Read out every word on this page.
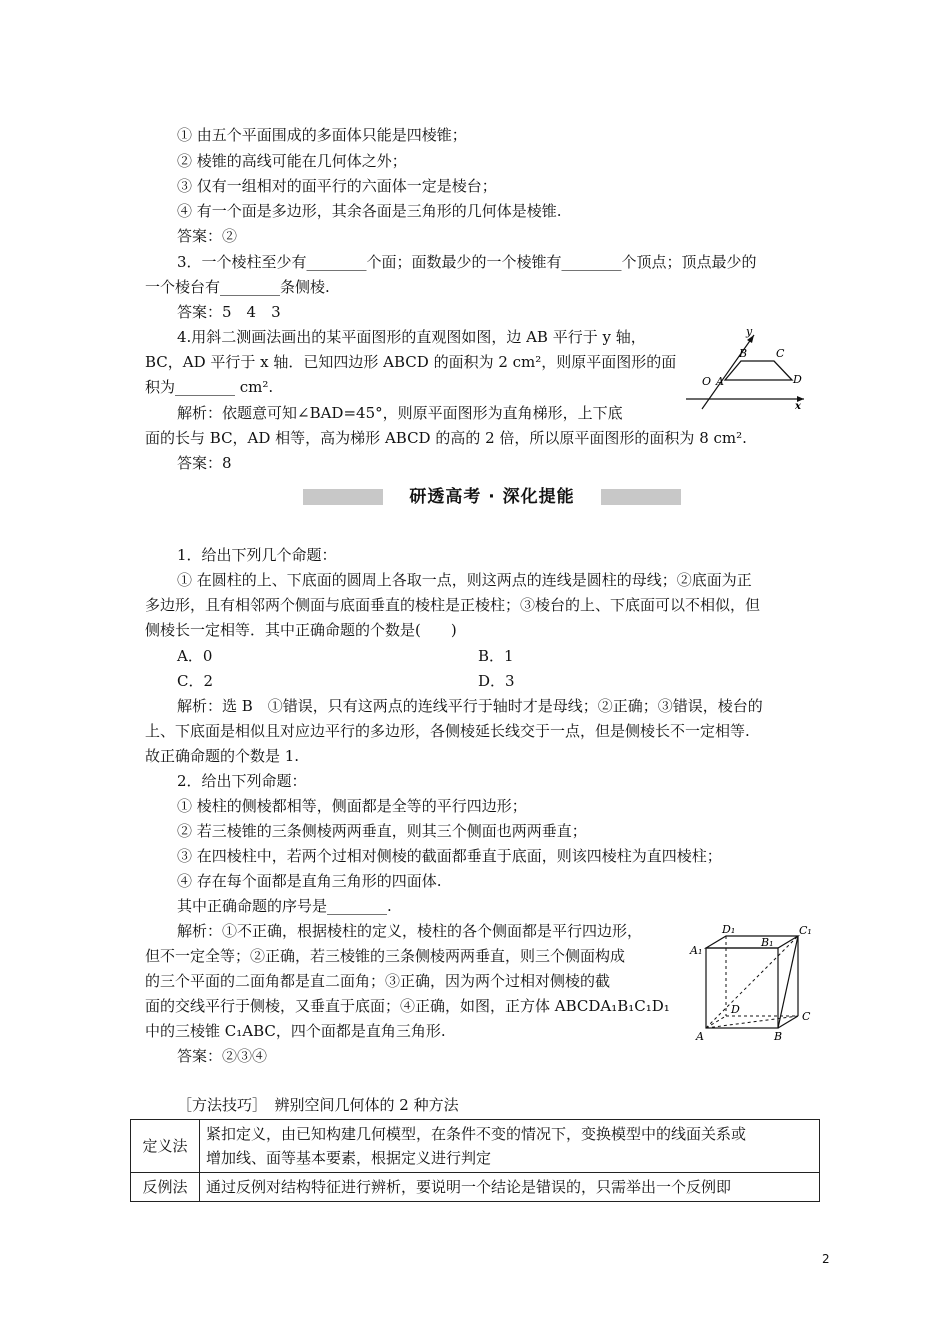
① 由五个平面围成的多面体只能是四棱锥；
② 棱锥的高线可能在几何体之外；
③ 仅有一组相对的面平行的六面体一定是棱台；
④ 有一个面是多边形，其余各面是三角形的几何体是棱锥.
答案：②
3．一个棱柱至少有________个面；面数最少的一个棱锥有________个顶点；顶点最少的
一个棱台有________条侧棱.
答案：5　4　3
4.用斜二测画法画出的某平面图形的直观图如图，边 AB 平行于 y 轴，
BC，AD 平行于 x 轴．已知四边形 ABCD 的面积为 2 cm²，则原平面图形的面
积为________ cm².
解析：依题意可知∠BAD=45°，则原平面图形为直角梯形，上下底
面的长与 BC，AD 相等，高为梯形 ABCD 的高的 2 倍，所以原平面图形的面积为 8 cm².
答案：8
y
B	C
O A	D
x
研透高考 · 深化提能
1．给出下列几个命题：
① 在圆柱的上、下底面的圆周上各取一点，则这两点的连线是圆柱的母线；②底面为正
多边形，且有相邻两个侧面与底面垂直的棱柱是正棱柱；③棱台的上、下底面可以不相似，但
侧棱长一定相等．其中正确命题的个数是(　　)
A．0	B．1
C．2	D．3
解析：选 B　①错误，只有这两点的连线平行于轴时才是母线；②正确；③错误，棱台的
上、下底面是相似且对应边平行的多边形，各侧棱延长线交于一点，但是侧棱长不一定相等.
故正确命题的个数是 1.
2．给出下列命题：
① 棱柱的侧棱都相等，侧面都是全等的平行四边形；
② 若三棱锥的三条侧棱两两垂直，则其三个侧面也两两垂直；
③ 在四棱柱中，若两个过相对侧棱的截面都垂直于底面，则该四棱柱为直四棱柱；
④ 存在每个面都是直角三角形的四面体.
其中正确命题的序号是________.
解析：①不正确，根据棱柱的定义，棱柱的各个侧面都是平行四边形，
但不一定全等；②正确，若三棱锥的三条侧棱两两垂直，则三个侧面构成
的三个平面的二面角都是直二面角；③正确，因为两个过相对侧棱的截
面的交线平行于侧棱，又垂直于底面；④正确，如图，正方体 ABCDA₁B₁C₁D₁
中的三棱锥 C₁ABC，四个面都是直角三角形.
答案：②③④
D₁	C₁
A₁
B₁
D
C
A	B
［方法技巧］　辨别空间几何体的 2 种方法
定义法	紧扣定义，由已知构建几何模型，在条件不变的情况下，变换模型中的线面关系或
增加线、面等基本要素，根据定义进行判定

反例法	通过反例对结构特征进行辨析，要说明一个结论是错误的，只需举出一个反例即
2
